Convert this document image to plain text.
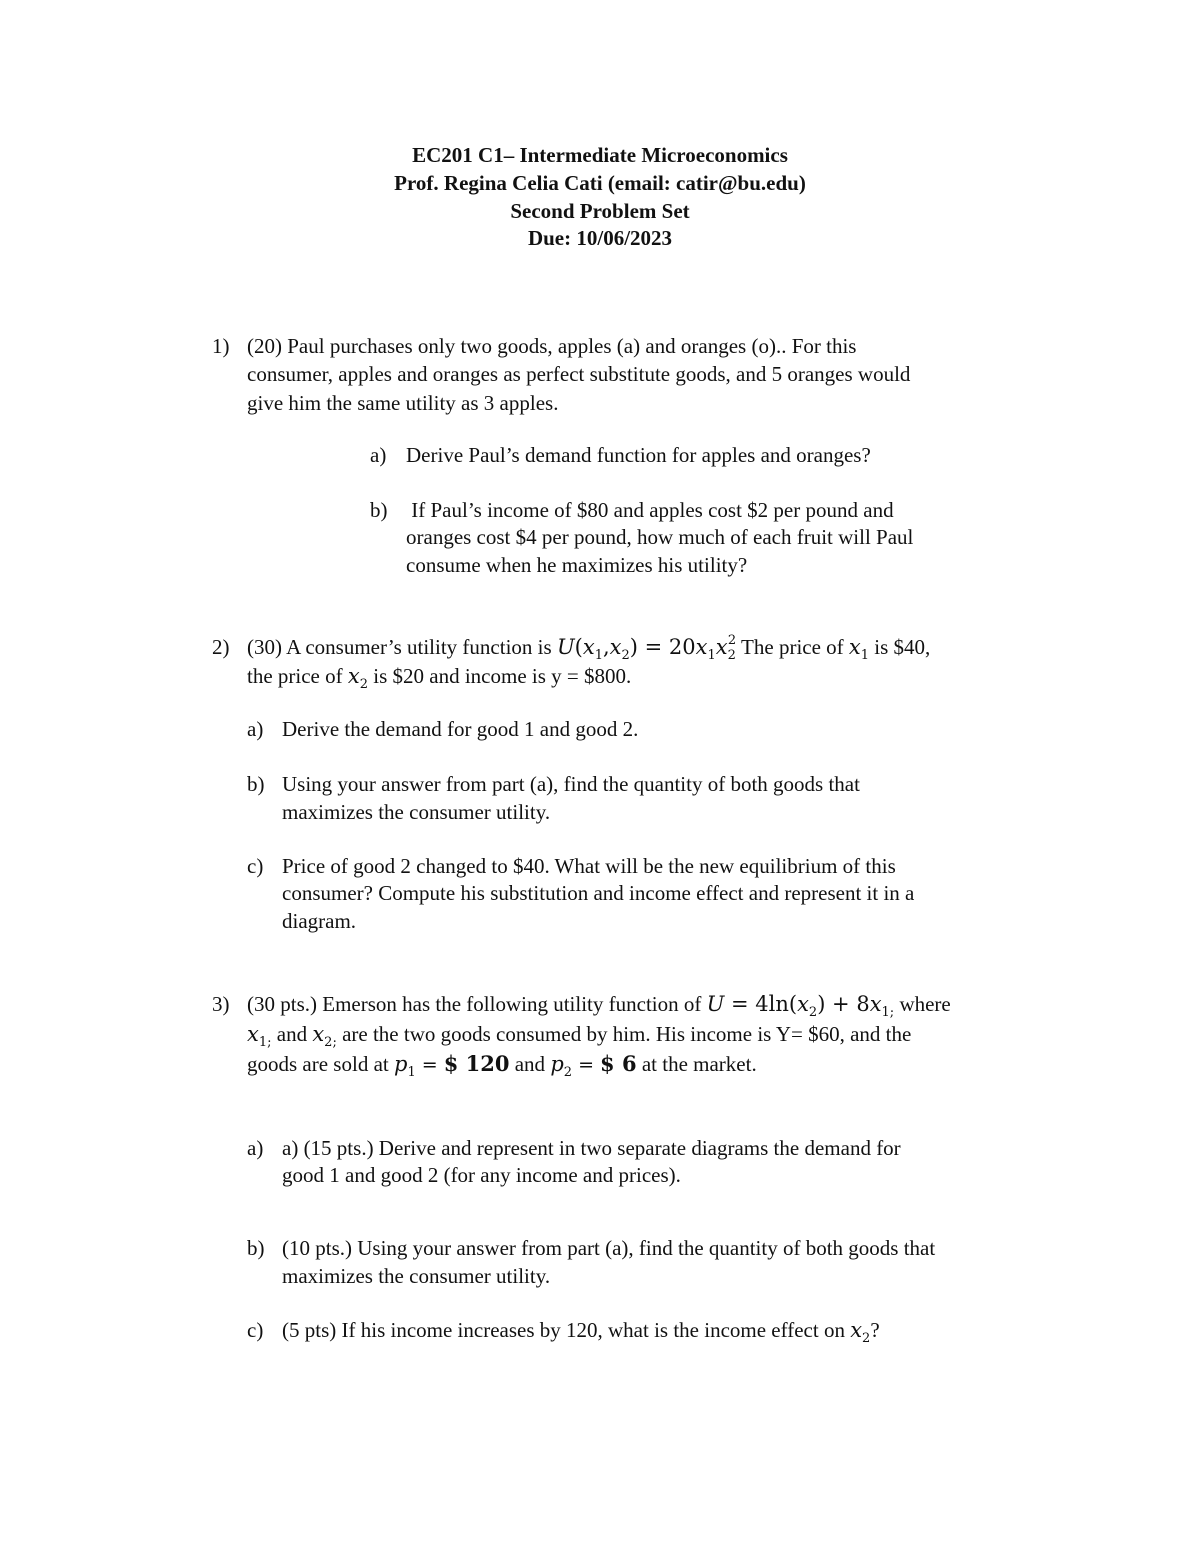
EC201 C1– Intermediate Microeconomics
Prof. Regina Celia Cati (email: catir@bu.edu)
Second Problem Set
Due: 10/06/2023
1) (20) Paul purchases only two goods, apples (a) and oranges (o).. For this
consumer, apples and oranges as perfect substitute goods, and 5 oranges would
give him the same utility as 3 apples.
a) Derive Paul’s demand function for apples and oranges?
b) If Paul’s income of $80 and apples cost $2 per pound and
oranges cost $4 per pound, how much of each fruit will Paul
consume when he maximizes his utility?
2) (30) A consumer’s utility function is $U(x_1,x_2) = 20x_1x_2^2$ The price of $x_1$ is $40,
the price of $x_2$ is $20 and income is y = $800.
a) Derive the demand for good 1 and good 2.
b) Using your answer from part (a), find the quantity of both goods that
maximizes the consumer utility.
c) Price of good 2 changed to $40. What will be the new equilibrium of this
consumer? Compute his substitution and income effect and represent it in a
diagram.
3) (30 pts.) Emerson has the following utility function of $U = 4\ln(x_2) + 8x_{1;}$ where
$x_{1;}$ and $x_{2;}$ are the two goods consumed by him. His income is Y= $60, and the
goods are sold at $p_1$ = $ 120 and $p_2$ = $ 6 at the market.
a) a) (15 pts.) Derive and represent in two separate diagrams the demand for
good 1 and good 2 (for any income and prices).
b) (10 pts.) Using your answer from part (a), find the quantity of both goods that
maximizes the consumer utility.
c) (5 pts) If his income increases by 120, what is the income effect on $x_2$?
